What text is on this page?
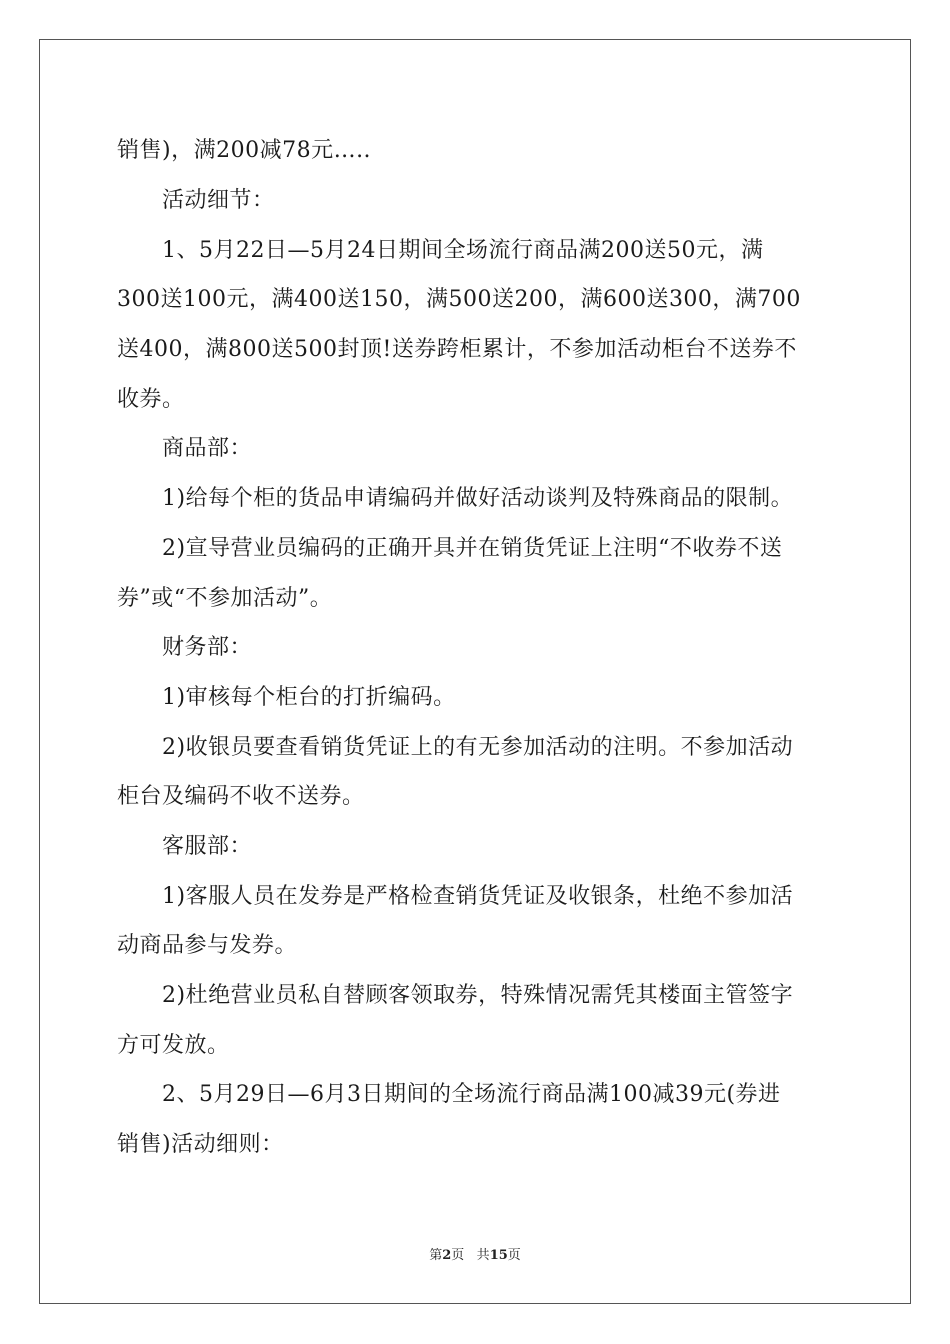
销售)，满200减78元…..
活动细节：
1、5月22日—5月24日期间全场流行商品满200送50元，满
300送100元，满400送150，满500送200，满600送300，满700
送400，满800送500封顶!送券跨柜累计，不参加活动柜台不送券不
收券。
商品部：
1)给每个柜的货品申请编码并做好活动谈判及特殊商品的限制。
2)宣导营业员编码的正确开具并在销货凭证上注明“不收券不送
券”或“不参加活动”。
财务部：
1)审核每个柜台的打折编码。
2)收银员要查看销货凭证上的有无参加活动的注明。不参加活动
柜台及编码不收不送券。
客服部：
1)客服人员在发券是严格检查销货凭证及收银条，杜绝不参加活
动商品参与发券。
2)杜绝营业员私自替顾客领取券，特殊情况需凭其楼面主管签字
方可发放。
2、5月29日—6月3日期间的全场流行商品满100减39元(券进
销售)活动细则：
第2页 共15页
